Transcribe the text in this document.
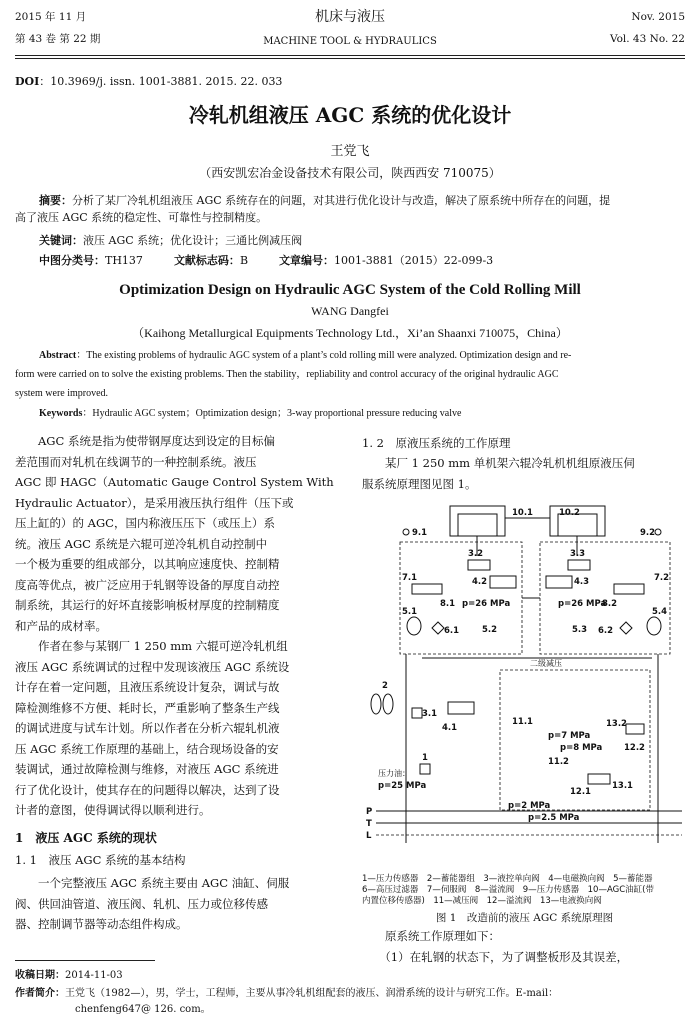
2015 年 11 月
第 43 卷 第 22 期
机床与液压
MACHINE TOOL & HYDRAULICS
Nov. 2015
Vol. 43 No. 22
DOI：10.3969/j. issn. 1001-3881. 2015. 22. 033
冷轧机组液压 AGC 系统的优化设计
王党飞
（西安凯宏冶金设备技术有限公司，陕西西安 710075）
摘要：分析了某厂冷轧机组液压 AGC 系统存在的问题，对其进行优化设计与改造，解决了原系统中所存在的问题，提
高了液压 AGC 系统的稳定性、可靠性与控制精度。
关键词：液压 AGC 系统；优化设计；三通比例减压阀
中图分类号：TH137	文献标志码：B	文章编号：1001-3881（2015）22-099-3
Optimization Design on Hydraulic AGC System of the Cold Rolling Mill
WANG Dangfei
（Kaihong Metallurgical Equipments Technology Ltd.，Xi’an Shaanxi 710075，China）
Abstract：The existing problems of hydraulic AGC system of a plant’s cold rolling mill were analyzed. Optimization design and re-
form were carried on to solve the existing problems. Then the stability，repliability and control accuracy of the original hydraulic AGC
system were improved.
Keywords：Hydraulic AGC system；Optimization design；3-way proportional pressure reducing valve
　　AGC 系统是指为使带钢厚度达到设定的目标偏
差范围而对轧机在线调节的一种控制系统。液压
AGC 即 HAGC（Automatic Gauge Control System With
Hydraulic Actuator），是采用液压执行组件（压下或
压上缸的）的 AGC，国内称液压压下（或压上）系
统。液压 AGC 系统是六辊可逆冷轧机自动控制中
一个极为重要的组成部分，以其响应速度快、控制精
度高等优点，被广泛应用于轧钢等设备的厚度自动控
制系统，其运行的好坏直接影响板材厚度的控制精度
和产品的成材率。
　　作者在参与某钢厂 1 250 mm 六辊可逆冷轧机组
液压 AGC 系统调试的过程中发现该液压 AGC 系统设
计存在着一定问题，且液压系统设计复杂，调试与故
障检测维修不方便、耗时长，严重影响了整条生产线
的调试进度与试车计划。所以作者在分析六辊轧机液
压 AGC 系统工作原理的基础上，结合现场设备的安
装调试，通过故障检测与维修，对液压 AGC 系统进
行了优化设计，使其存在的问题得以解决，达到了设
计者的意图，使得调试得以顺利进行。
1　液压 AGC 系统的现状
1. 1　液压 AGC 系统的基本结构
　　一个完整液压 AGC 系统主要由 AGC 油缸、伺服
阀、供回油管道、液压阀、轧机、压力或位移传感
器、控制调节器等动态组件构成。
1. 2　原液压系统的工作原理
　　某厂 1 250 mm 单机架六辊冷轧机机组原液压伺
服系统原理图见图 1。
10.1	10.2
9.1	9.2
3.2	3.3
7.1	7.2
4.2	4.3
8.1 p=26 MPa	p=26 MPa
8.2
5.1	5.4
5.2	5.3
6.1	6.2
2
3.1
4.1
二级减压
11.1
p=7 MPa
p=8 MPa
13.2
12.2
11.2
12.1
13.1
1
压力油：
p=25 MPa
p=2 MPa
p=2.5 MPa
P
T
L
1—压力传感器　2—蓄能器组　3—液控单向阀　4—电磁换向阀　5—蓄能器
6—高压过滤器　7—伺服阀　8—溢流阀　9—压力传感器　10—AGC油缸(带
内置位移传感器)　11—减压阀　12—溢流阀　13—电液换向阀
图 1　改造前的液压 AGC 系统原理图
　　原系统工作原理如下：
　　（1）在轧钢的状态下，为了调整板形及其误差，
收稿日期：2014-11-03
作者简介：王党飞（1982—），男，学士，工程师，主要从事冷轧机组配套的液压、润滑系统的设计与研究工作。E-mail：
chenfeng647@ 126. com。
